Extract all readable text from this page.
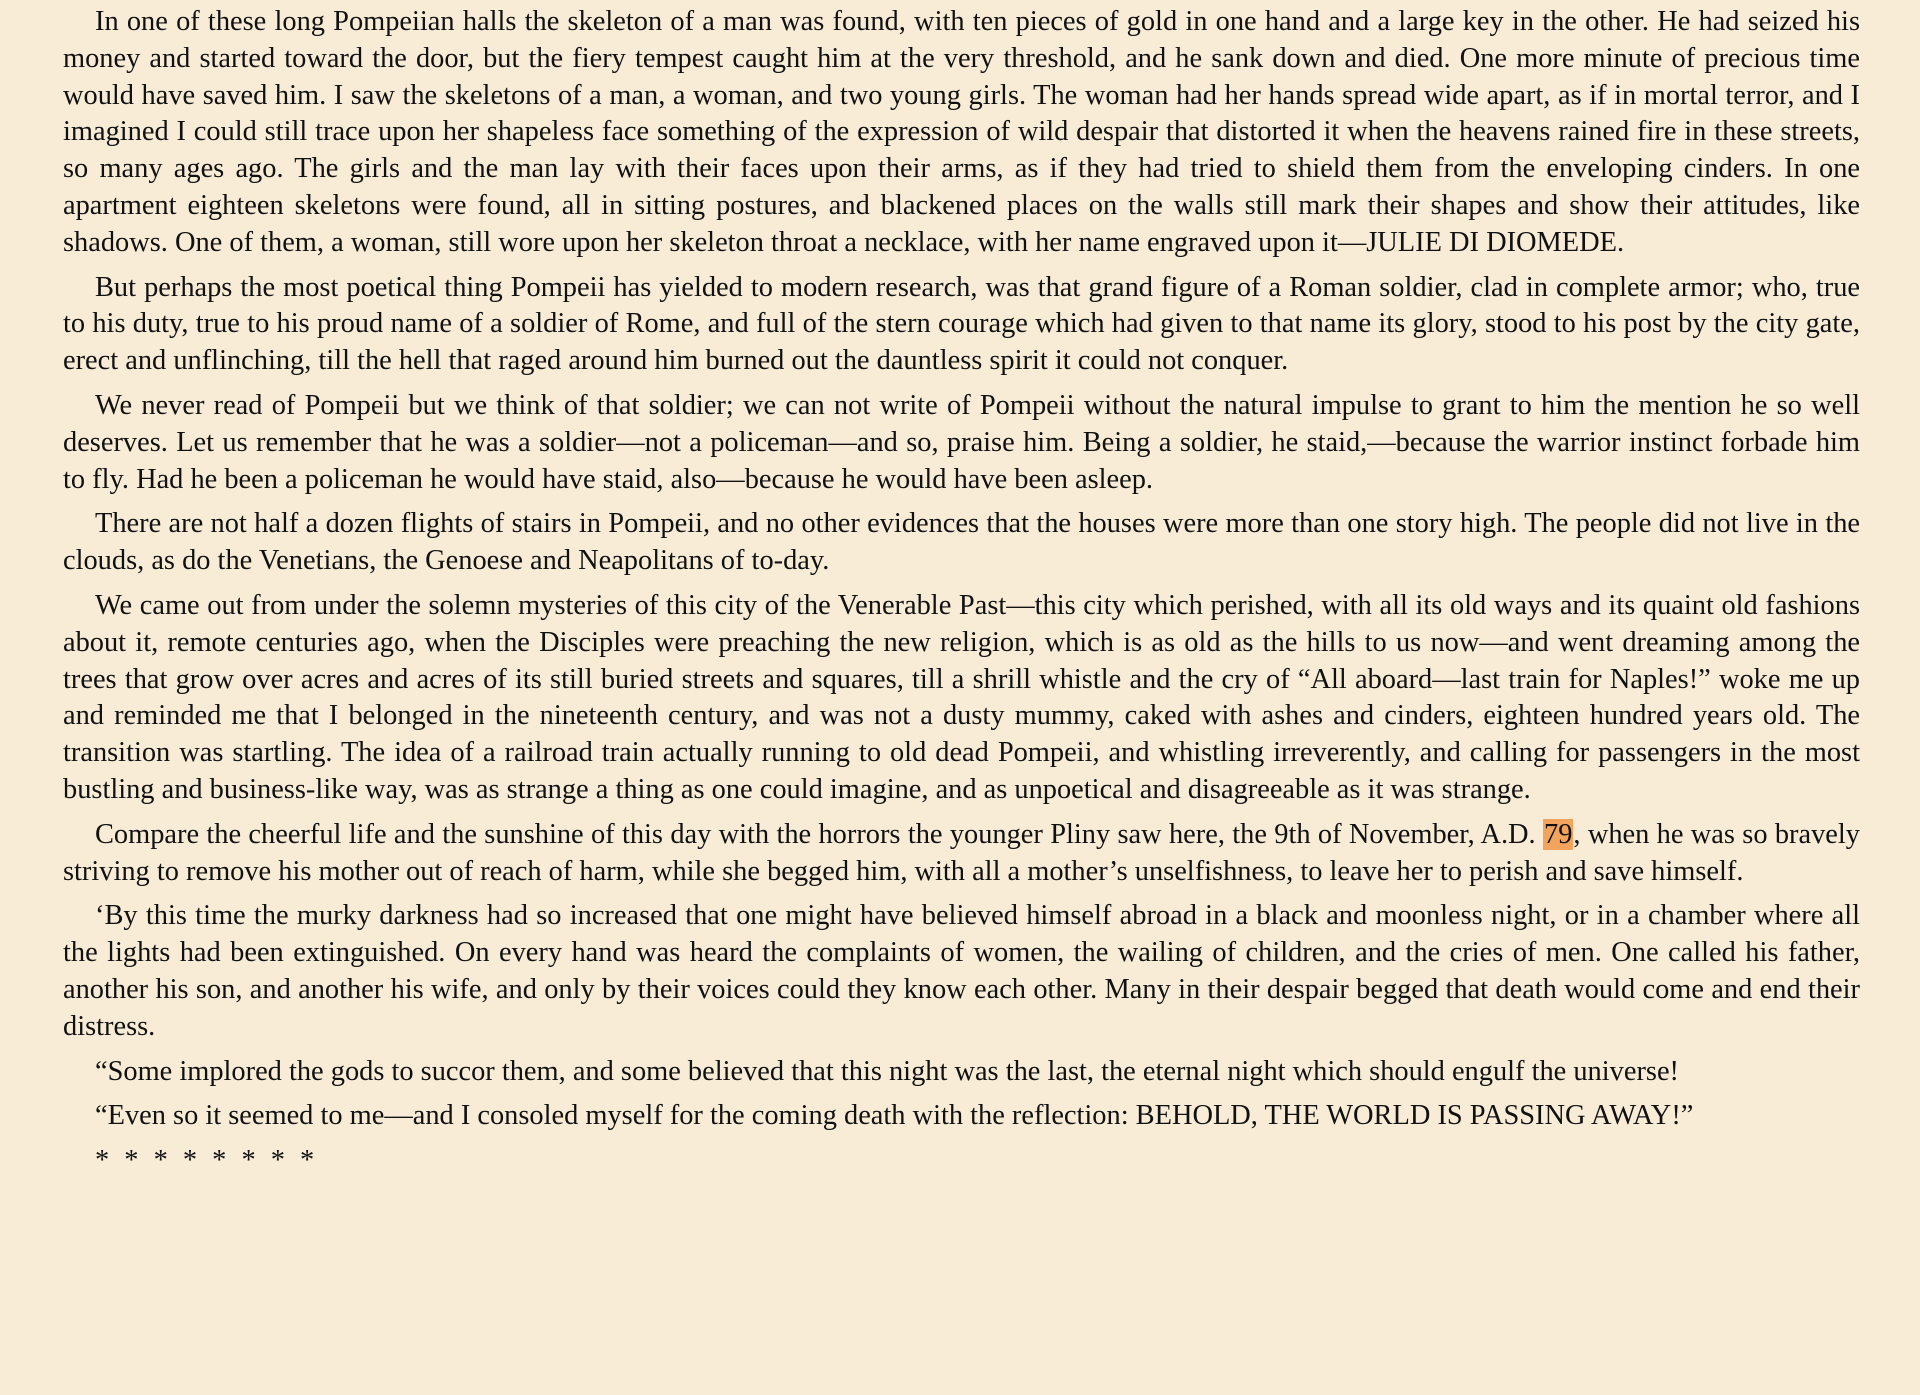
In one of these long Pompeiian halls the skeleton of a man was found, with ten pieces of gold in one hand and a large key in the other. He had seized his money and started toward the door, but the fiery tempest caught him at the very threshold, and he sank down and died. One more minute of precious time would have saved him. I saw the skeletons of a man, a woman, and two young girls. The woman had her hands spread wide apart, as if in mortal terror, and I imagined I could still trace upon her shapeless face something of the expression of wild despair that distorted it when the heavens rained fire in these streets, so many ages ago. The girls and the man lay with their faces upon their arms, as if they had tried to shield them from the enveloping cinders. In one apartment eighteen skeletons were found, all in sitting postures, and blackened places on the walls still mark their shapes and show their attitudes, like shadows. One of them, a woman, still wore upon her skeleton throat a necklace, with her name engraved upon it—JULIE DI DIOMEDE.

But perhaps the most poetical thing Pompeii has yielded to modern research, was that grand figure of a Roman soldier, clad in complete armor; who, true to his duty, true to his proud name of a soldier of Rome, and full of the stern courage which had given to that name its glory, stood to his post by the city gate, erect and unflinching, till the hell that raged around him burned out the dauntless spirit it could not conquer.

We never read of Pompeii but we think of that soldier; we can not write of Pompeii without the natural impulse to grant to him the mention he so well deserves. Let us remember that he was a soldier—not a policeman—and so, praise him. Being a soldier, he staid,—because the warrior instinct forbade him to fly. Had he been a policeman he would have staid, also—because he would have been asleep.

There are not half a dozen flights of stairs in Pompeii, and no other evidences that the houses were more than one story high. The people did not live in the clouds, as do the Venetians, the Genoese and Neapolitans of to-day.

We came out from under the solemn mysteries of this city of the Venerable Past—this city which perished, with all its old ways and its quaint old fashions about it, remote centuries ago, when the Disciples were preaching the new religion, which is as old as the hills to us now—and went dreaming among the trees that grow over acres and acres of its still buried streets and squares, till a shrill whistle and the cry of “All aboard—last train for Naples!” woke me up and reminded me that I belonged in the nineteenth century, and was not a dusty mummy, caked with ashes and cinders, eighteen hundred years old. The transition was startling. The idea of a railroad train actually running to old dead Pompeii, and whistling irreverently, and calling for passengers in the most bustling and business-like way, was as strange a thing as one could imagine, and as unpoetical and disagreeable as it was strange.

Compare the cheerful life and the sunshine of this day with the horrors the younger Pliny saw here, the 9th of November, A.D. 79, when he was so bravely striving to remove his mother out of reach of harm, while she begged him, with all a mother’s unselfishness, to leave her to perish and save himself.

‘By this time the murky darkness had so increased that one might have believed himself abroad in a black and moonless night, or in a chamber where all the lights had been extinguished. On every hand was heard the complaints of women, the wailing of children, and the cries of men. One called his father, another his son, and another his wife, and only by their voices could they know each other. Many in their despair begged that death would come and end their distress.

“Some implored the gods to succor them, and some believed that this night was the last, the eternal night which should engulf the universe!

“Even so it seemed to me—and I consoled myself for the coming death with the reflection: BEHOLD, THE WORLD IS PASSING AWAY!”

* * * * * * * *
